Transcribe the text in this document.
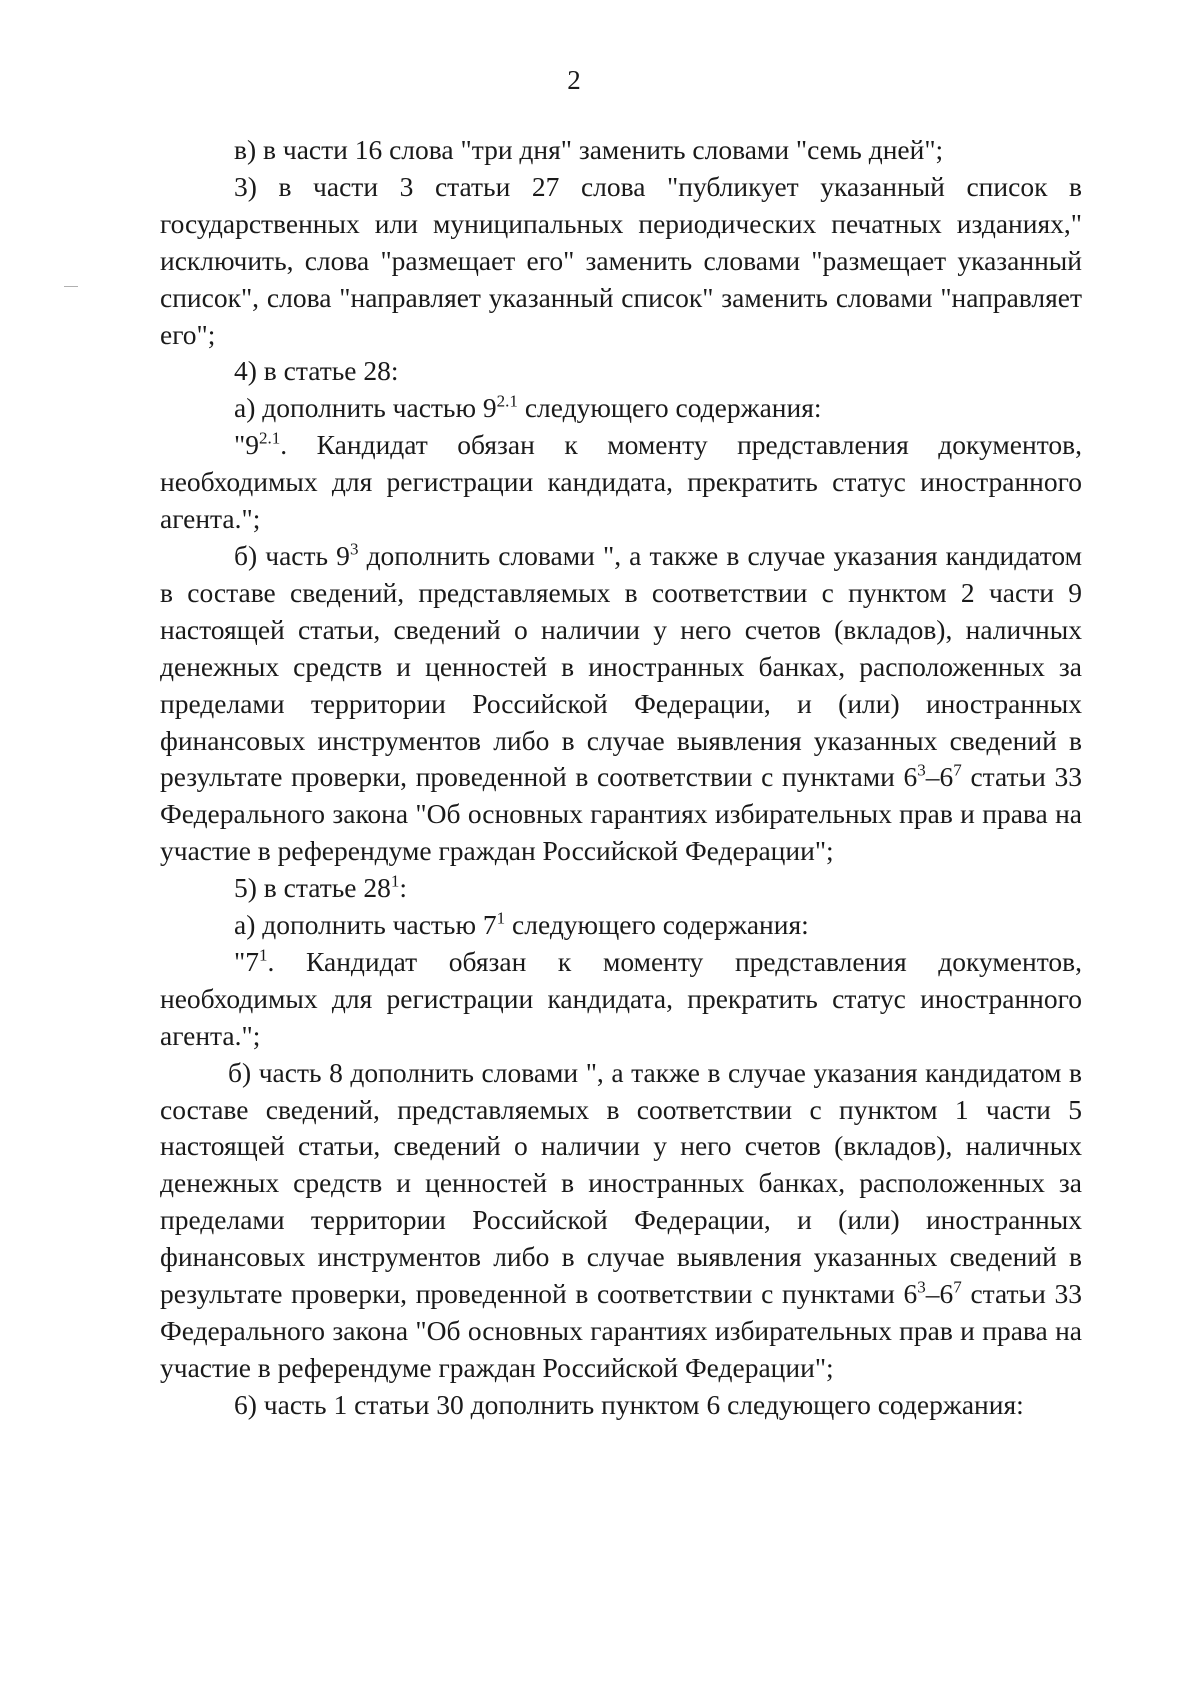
2

в) в части 16 слова "три дня" заменить словами "семь дней";

3) в части 3 статьи 27 слова "публикует указанный список в государственных или муниципальных периодических печатных изданиях," исключить, слова "размещает его" заменить словами "размещает указанный список", слова "направляет указанный список" заменить словами "направляет его";

4) в статье 28:

а) дополнить частью $9^{2.1}$ следующего содержания:

"$9^{2.1}$. Кандидат обязан к моменту представления документов, необходимых для регистрации кандидата, прекратить статус иностранного агента.";

б) часть $9^3$ дополнить словами ", а также в случае указания кандидатом в составе сведений, представляемых в соответствии с пунктом 2 части 9 настоящей статьи, сведений о наличии у него счетов (вкладов), наличных денежных средств и ценностей в иностранных банках, расположенных за пределами территории Российской Федерации, и (или) иностранных финансовых инструментов либо в случае выявления указанных сведений в результате проверки, проведенной в соответствии с пунктами $6^3-6^7$ статьи 33 Федерального закона "Об основных гарантиях избирательных прав и права на участие в референдуме граждан Российской Федерации";

5) в статье $28^1$:

а) дополнить частью $7^1$ следующего содержания:

"$7^1$. Кандидат обязан к моменту представления документов, необходимых для регистрации кандидата, прекратить статус иностранного агента.";

б) часть 8 дополнить словами ", а также в случае указания кандидатом в составе сведений, представляемых в соответствии с пунктом 1 части 5 настоящей статьи, сведений о наличии у него счетов (вкладов), наличных денежных средств и ценностей в иностранных банках, расположенных за пределами территории Российской Федерации, и (или) иностранных финансовых инструментов либо в случае выявления указанных сведений в результате проверки, проведенной в соответствии с пунктами $6^3-6^7$ статьи 33 Федерального закона "Об основных гарантиях избирательных прав и права на участие в референдуме граждан Российской Федерации";

6) часть 1 статьи 30 дополнить пунктом 6 следующего содержания:
